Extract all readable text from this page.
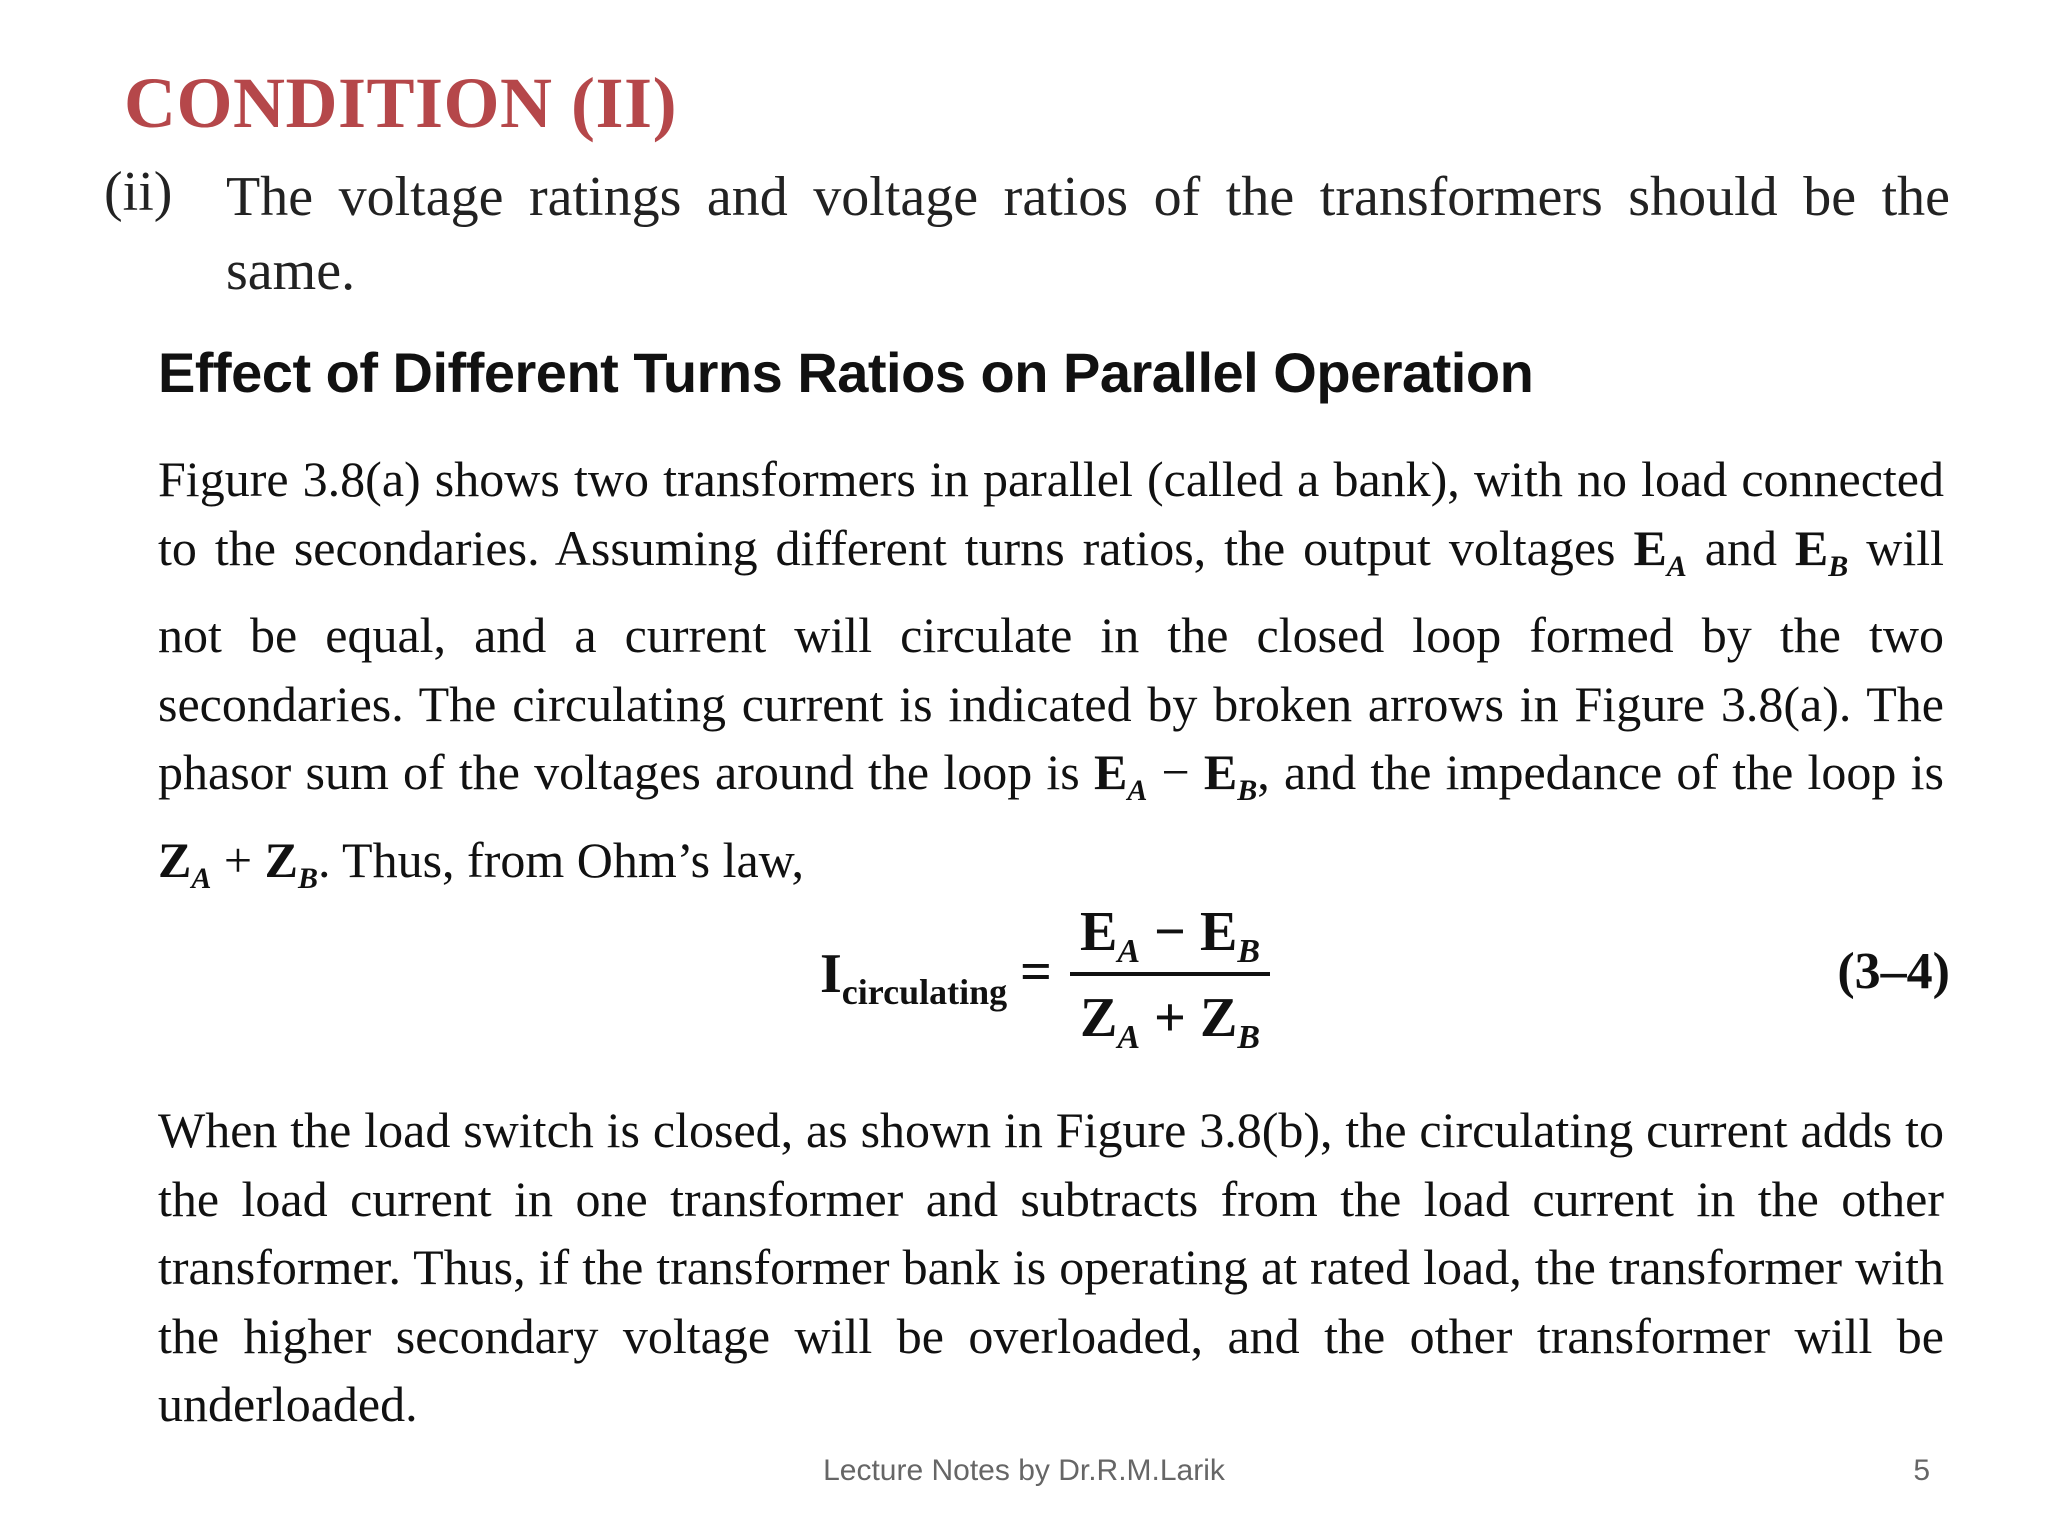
CONDITION (II)
(ii) The voltage ratings and voltage ratios of the transformers should be the same.
Effect of Different Turns Ratios on Parallel Operation

Figure 3.8(a) shows two transformers in parallel (called a bank), with no load connected to the secondaries. Assuming different turns ratios, the output voltages $E_A$ and $E_B$ will not be equal, and a current will circulate in the closed loop formed by the two secondaries. The circulating current is indicated by broken arrows in Figure 3.8(a). The phasor sum of the voltages around the loop is $E_A - E_B$, and the impedance of the loop is $Z_A + Z_B$. Thus, from Ohm’s law,

$I_{circulating}$ =
$E_A - E_B$
$Z_A + Z_B$
(3–4)

When the load switch is closed, as shown in Figure 3.8(b), the circulating current adds to the load current in one transformer and subtracts from the load current in the other transformer. Thus, if the transformer bank is operating at rated load, the transformer with the higher secondary voltage will be overloaded, and the other transformer will be underloaded.

Lecture Notes by Dr.R.M.Larik	5
